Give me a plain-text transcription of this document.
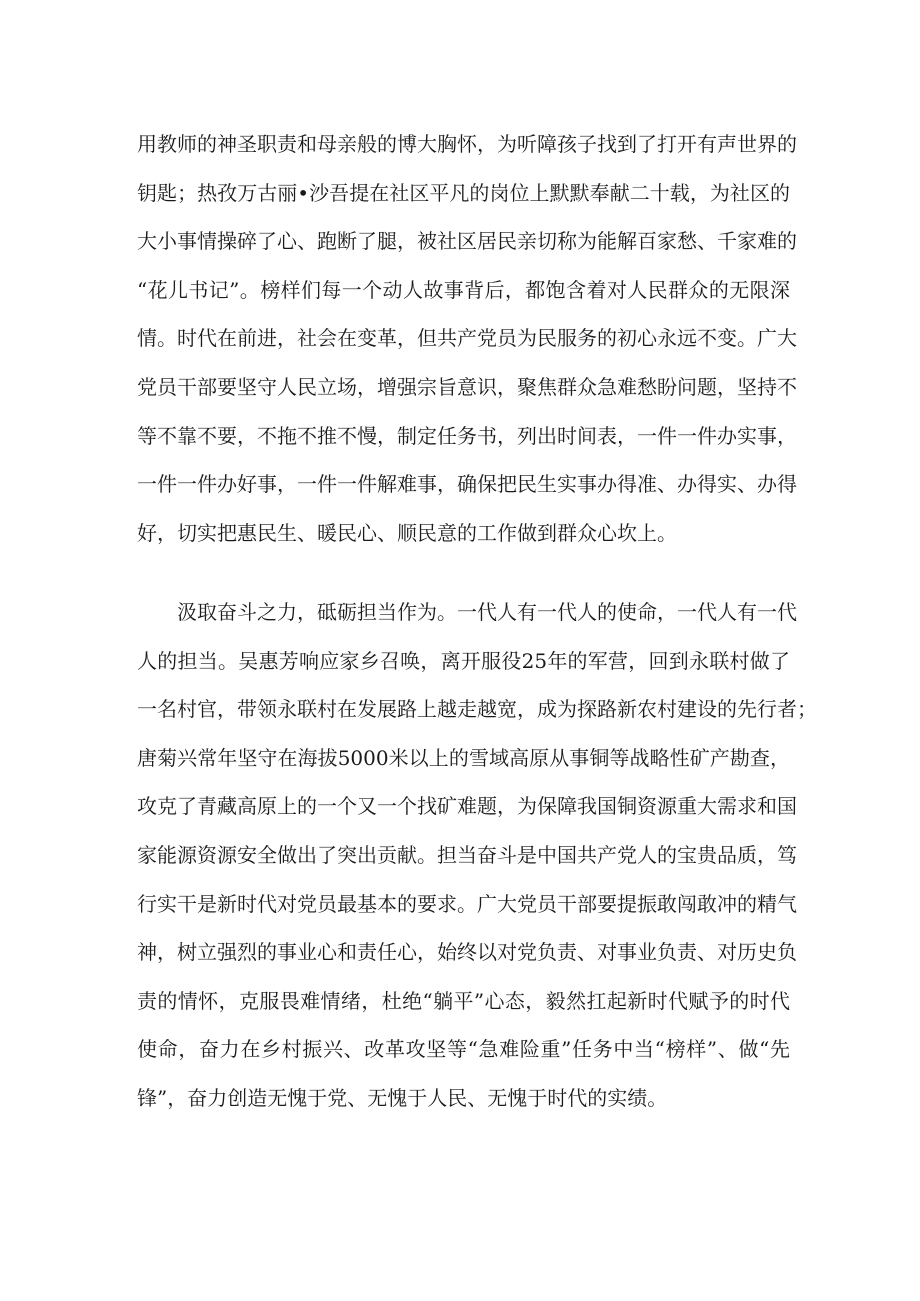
用教师的神圣职责和母亲般的博大胸怀，为听障孩子找到了打开有声世界的
钥匙；热孜万古丽•沙吾提在社区平凡的岗位上默默奉献二十载，为社区的
大小事情操碎了心、跑断了腿，被社区居民亲切称为能解百家愁、千家难的
“花儿书记”。榜样们每一个动人故事背后，都饱含着对人民群众的无限深
情。时代在前进，社会在变革，但共产党员为民服务的初心永远不变。广大
党员干部要坚守人民立场，增强宗旨意识，聚焦群众急难愁盼问题，坚持不
等不靠不要，不拖不推不慢，制定任务书，列出时间表，一件一件办实事，
一件一件办好事，一件一件解难事，确保把民生实事办得准、办得实、办得
好，切实把惠民生、暖民心、顺民意的工作做到群众心坎上。
　　汲取奋斗之力，砥砺担当作为。一代人有一代人的使命，一代人有一代
人的担当。吴惠芳响应家乡召唤，离开服役25年的军营，回到永联村做了
一名村官，带领永联村在发展路上越走越宽，成为探路新农村建设的先行者；
唐菊兴常年坚守在海拔5000米以上的雪域高原从事铜等战略性矿产勘查，
攻克了青藏高原上的一个又一个找矿难题，为保障我国铜资源重大需求和国
家能源资源安全做出了突出贡献。担当奋斗是中国共产党人的宝贵品质，笃
行实干是新时代对党员最基本的要求。广大党员干部要提振敢闯敢冲的精气
神，树立强烈的事业心和责任心，始终以对党负责、对事业负责、对历史负
责的情怀，克服畏难情绪，杜绝“躺平”心态，毅然扛起新时代赋予的时代
使命，奋力在乡村振兴、改革攻坚等“急难险重”任务中当“榜样”、做“先
锋”，奋力创造无愧于党、无愧于人民、无愧于时代的实绩。
